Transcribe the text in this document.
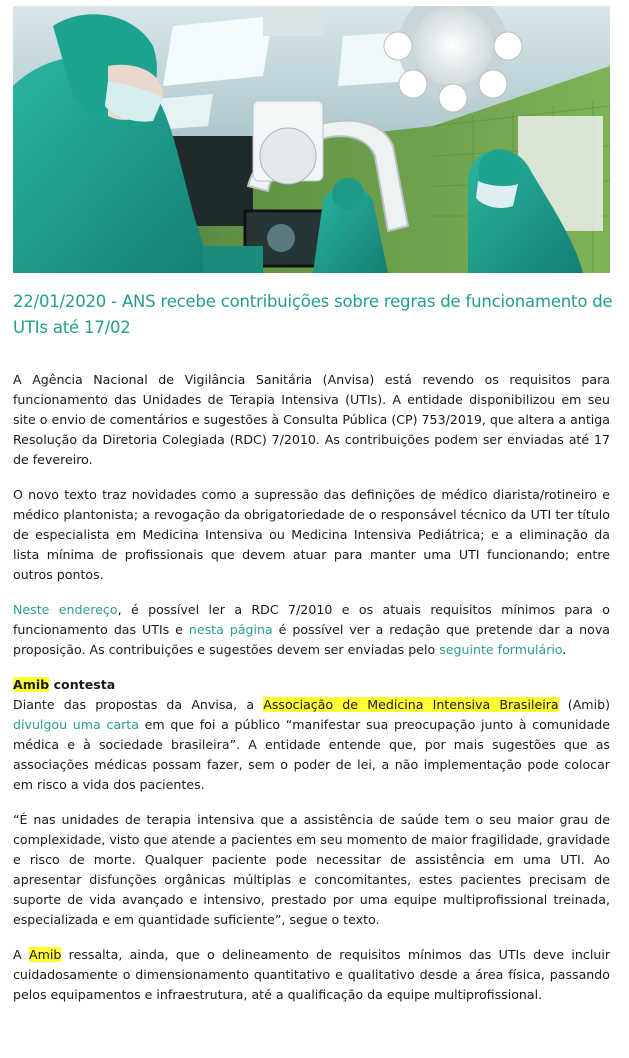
22/01/2020 - ANS recebe contribuições sobre regras de funcionamento de UTIs até 17/02

A Agência Nacional de Vigilância Sanitária (Anvisa) está revendo os requisitos para funcionamento das Unidades de Terapia Intensiva (UTIs). A entidade disponibilizou em seu site o envio de comentários e sugestões à Consulta Pública (CP) 753/2019, que altera a antiga Resolução da Diretoria Colegiada (RDC) 7/2010. As contribuições podem ser enviadas até 17 de fevereiro.

O novo texto traz novidades como a supressão das definições de médico diarista/rotineiro e médico plantonista; a revogação da obrigatoriedade de o responsável técnico da UTI ter título de especialista em Medicina Intensiva ou Medicina Intensiva Pediátrica; e a eliminação da lista mínima de profissionais que devem atuar para manter uma UTI funcionando; entre outros pontos.

Neste endereço, é possível ler a RDC 7/2010 e os atuais requisitos mínimos para o funcionamento das UTIs e nesta página é possível ver a redação que pretende dar a nova proposição. As contribuições e sugestões devem ser enviadas pelo seguinte formulário.

Amib contesta

Diante das propostas da Anvisa, a Associação de Medicina Intensiva Brasileira (Amib) divulgou uma carta em que foi a público “manifestar sua preocupação junto à comunidade médica e à sociedade brasileira”. A entidade entende que, por mais sugestões que as associações médicas possam fazer, sem o poder de lei, a não implementação pode colocar em risco a vida dos pacientes.

“É nas unidades de terapia intensiva que a assistência de saúde tem o seu maior grau de complexidade, visto que atende a pacientes em seu momento de maior fragilidade, gravidade e risco de morte. Qualquer paciente pode necessitar de assistência em uma UTI. Ao apresentar disfunções orgânicas múltiplas e concomitantes, estes pacientes precisam de suporte de vida avançado e intensivo, prestado por uma equipe multiprofissional treinada, especializada e em quantidade suficiente”, segue o texto.

A Amib ressalta, ainda, que o delineamento de requisitos mínimos das UTIs deve incluir cuidadosamente o dimensionamento quantitativo e qualitativo desde a área física, passando pelos equipamentos e infraestrutura, até a qualificação da equipe multiprofissional.
